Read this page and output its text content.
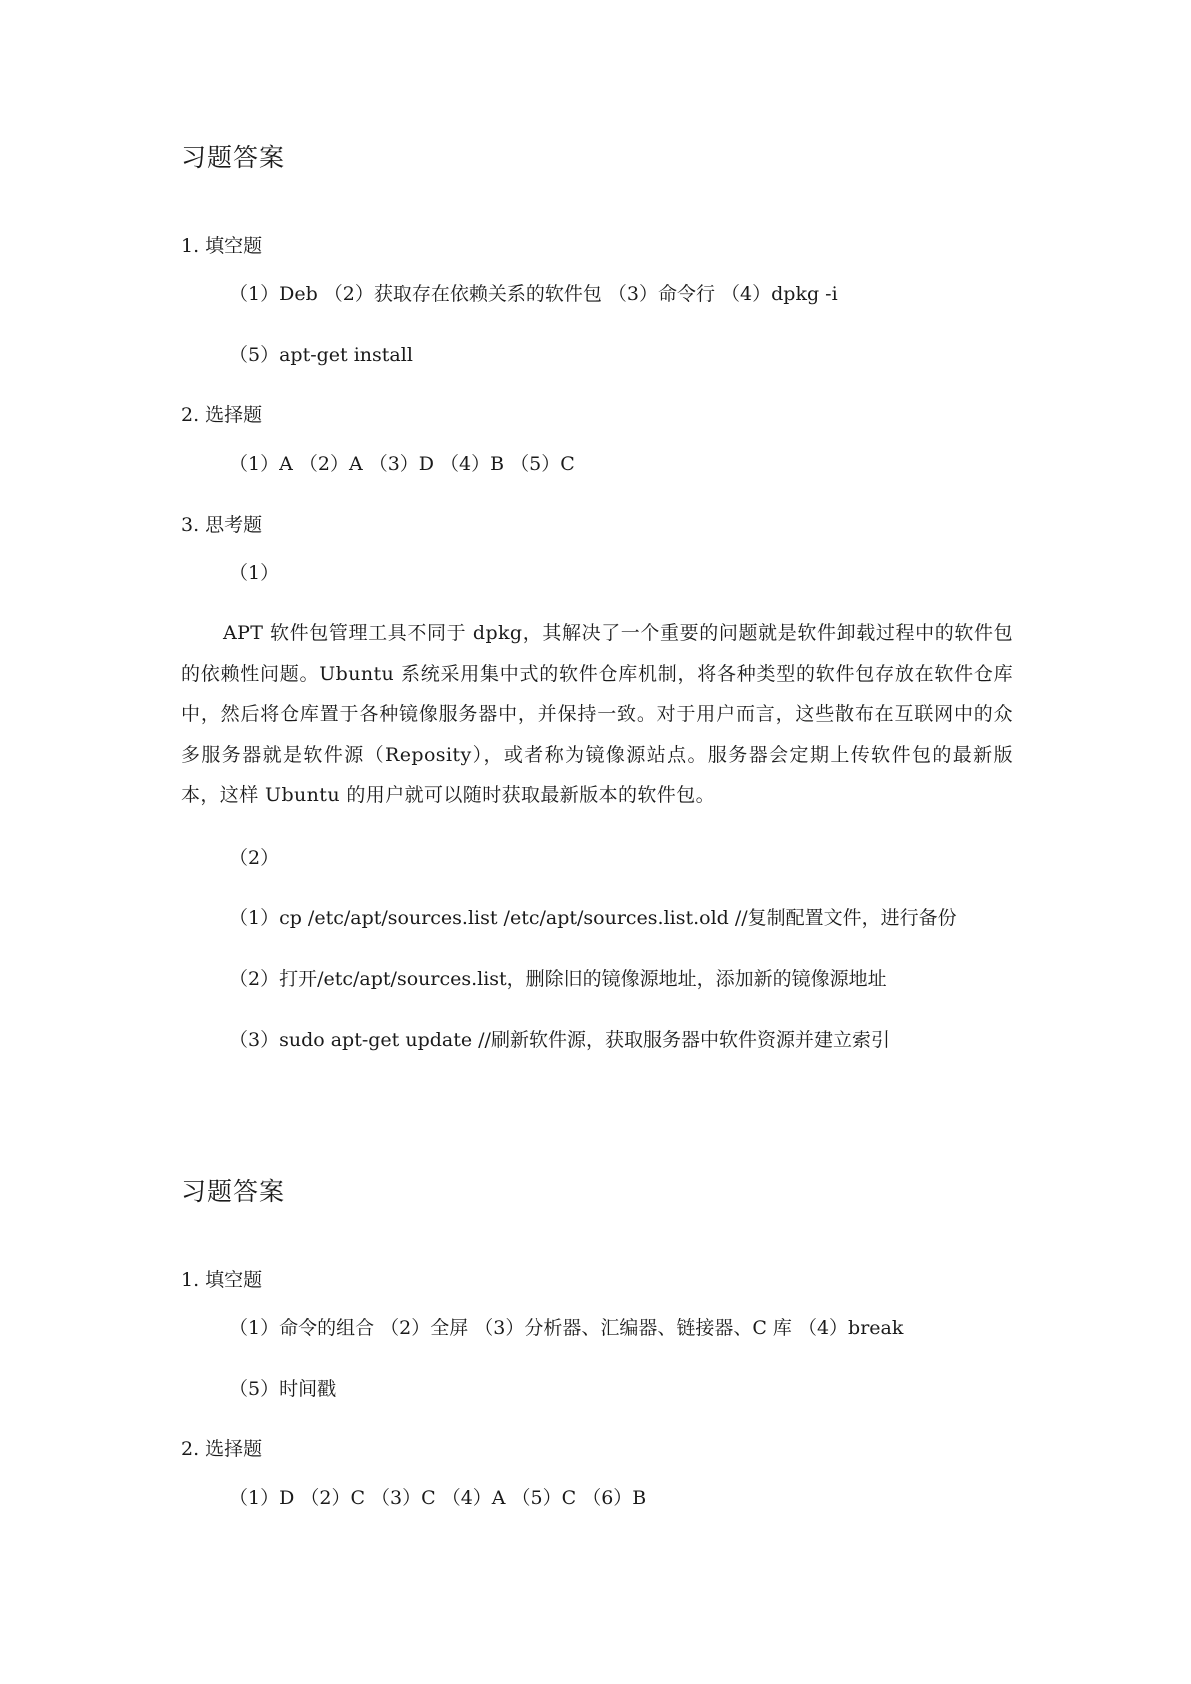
习题答案
1. 填空题
（1）Deb （2）获取存在依赖关系的软件包 （3）命令行 （4）dpkg -i
（5）apt-get install
2. 选择题
（1）A （2）A （3）D （4）B （5）C
3. 思考题
（1）
APT 软件包管理工具不同于 dpkg，其解决了一个重要的问题就是软件卸载过程中的软件包的依赖性问题。Ubuntu 系统采用集中式的软件仓库机制，将各种类型的软件包存放在软件仓库中，然后将仓库置于各种镜像服务器中，并保持一致。对于用户而言，这些散布在互联网中的众多服务器就是软件源（Reposity），或者称为镜像源站点。服务器会定期上传软件包的最新版本，这样 Ubuntu 的用户就可以随时获取最新版本的软件包。
（2）
（1）cp /etc/apt/sources.list /etc/apt/sources.list.old //复制配置文件，进行备份
（2）打开/etc/apt/sources.list，删除旧的镜像源地址，添加新的镜像源地址
（3）sudo apt-get update //刷新软件源，获取服务器中软件资源并建立索引
习题答案
1. 填空题
（1）命令的组合 （2）全屏 （3）分析器、汇编器、链接器、C 库 （4）break
（5）时间戳
2. 选择题
（1）D （2）C （3）C （4）A （5）C （6）B
